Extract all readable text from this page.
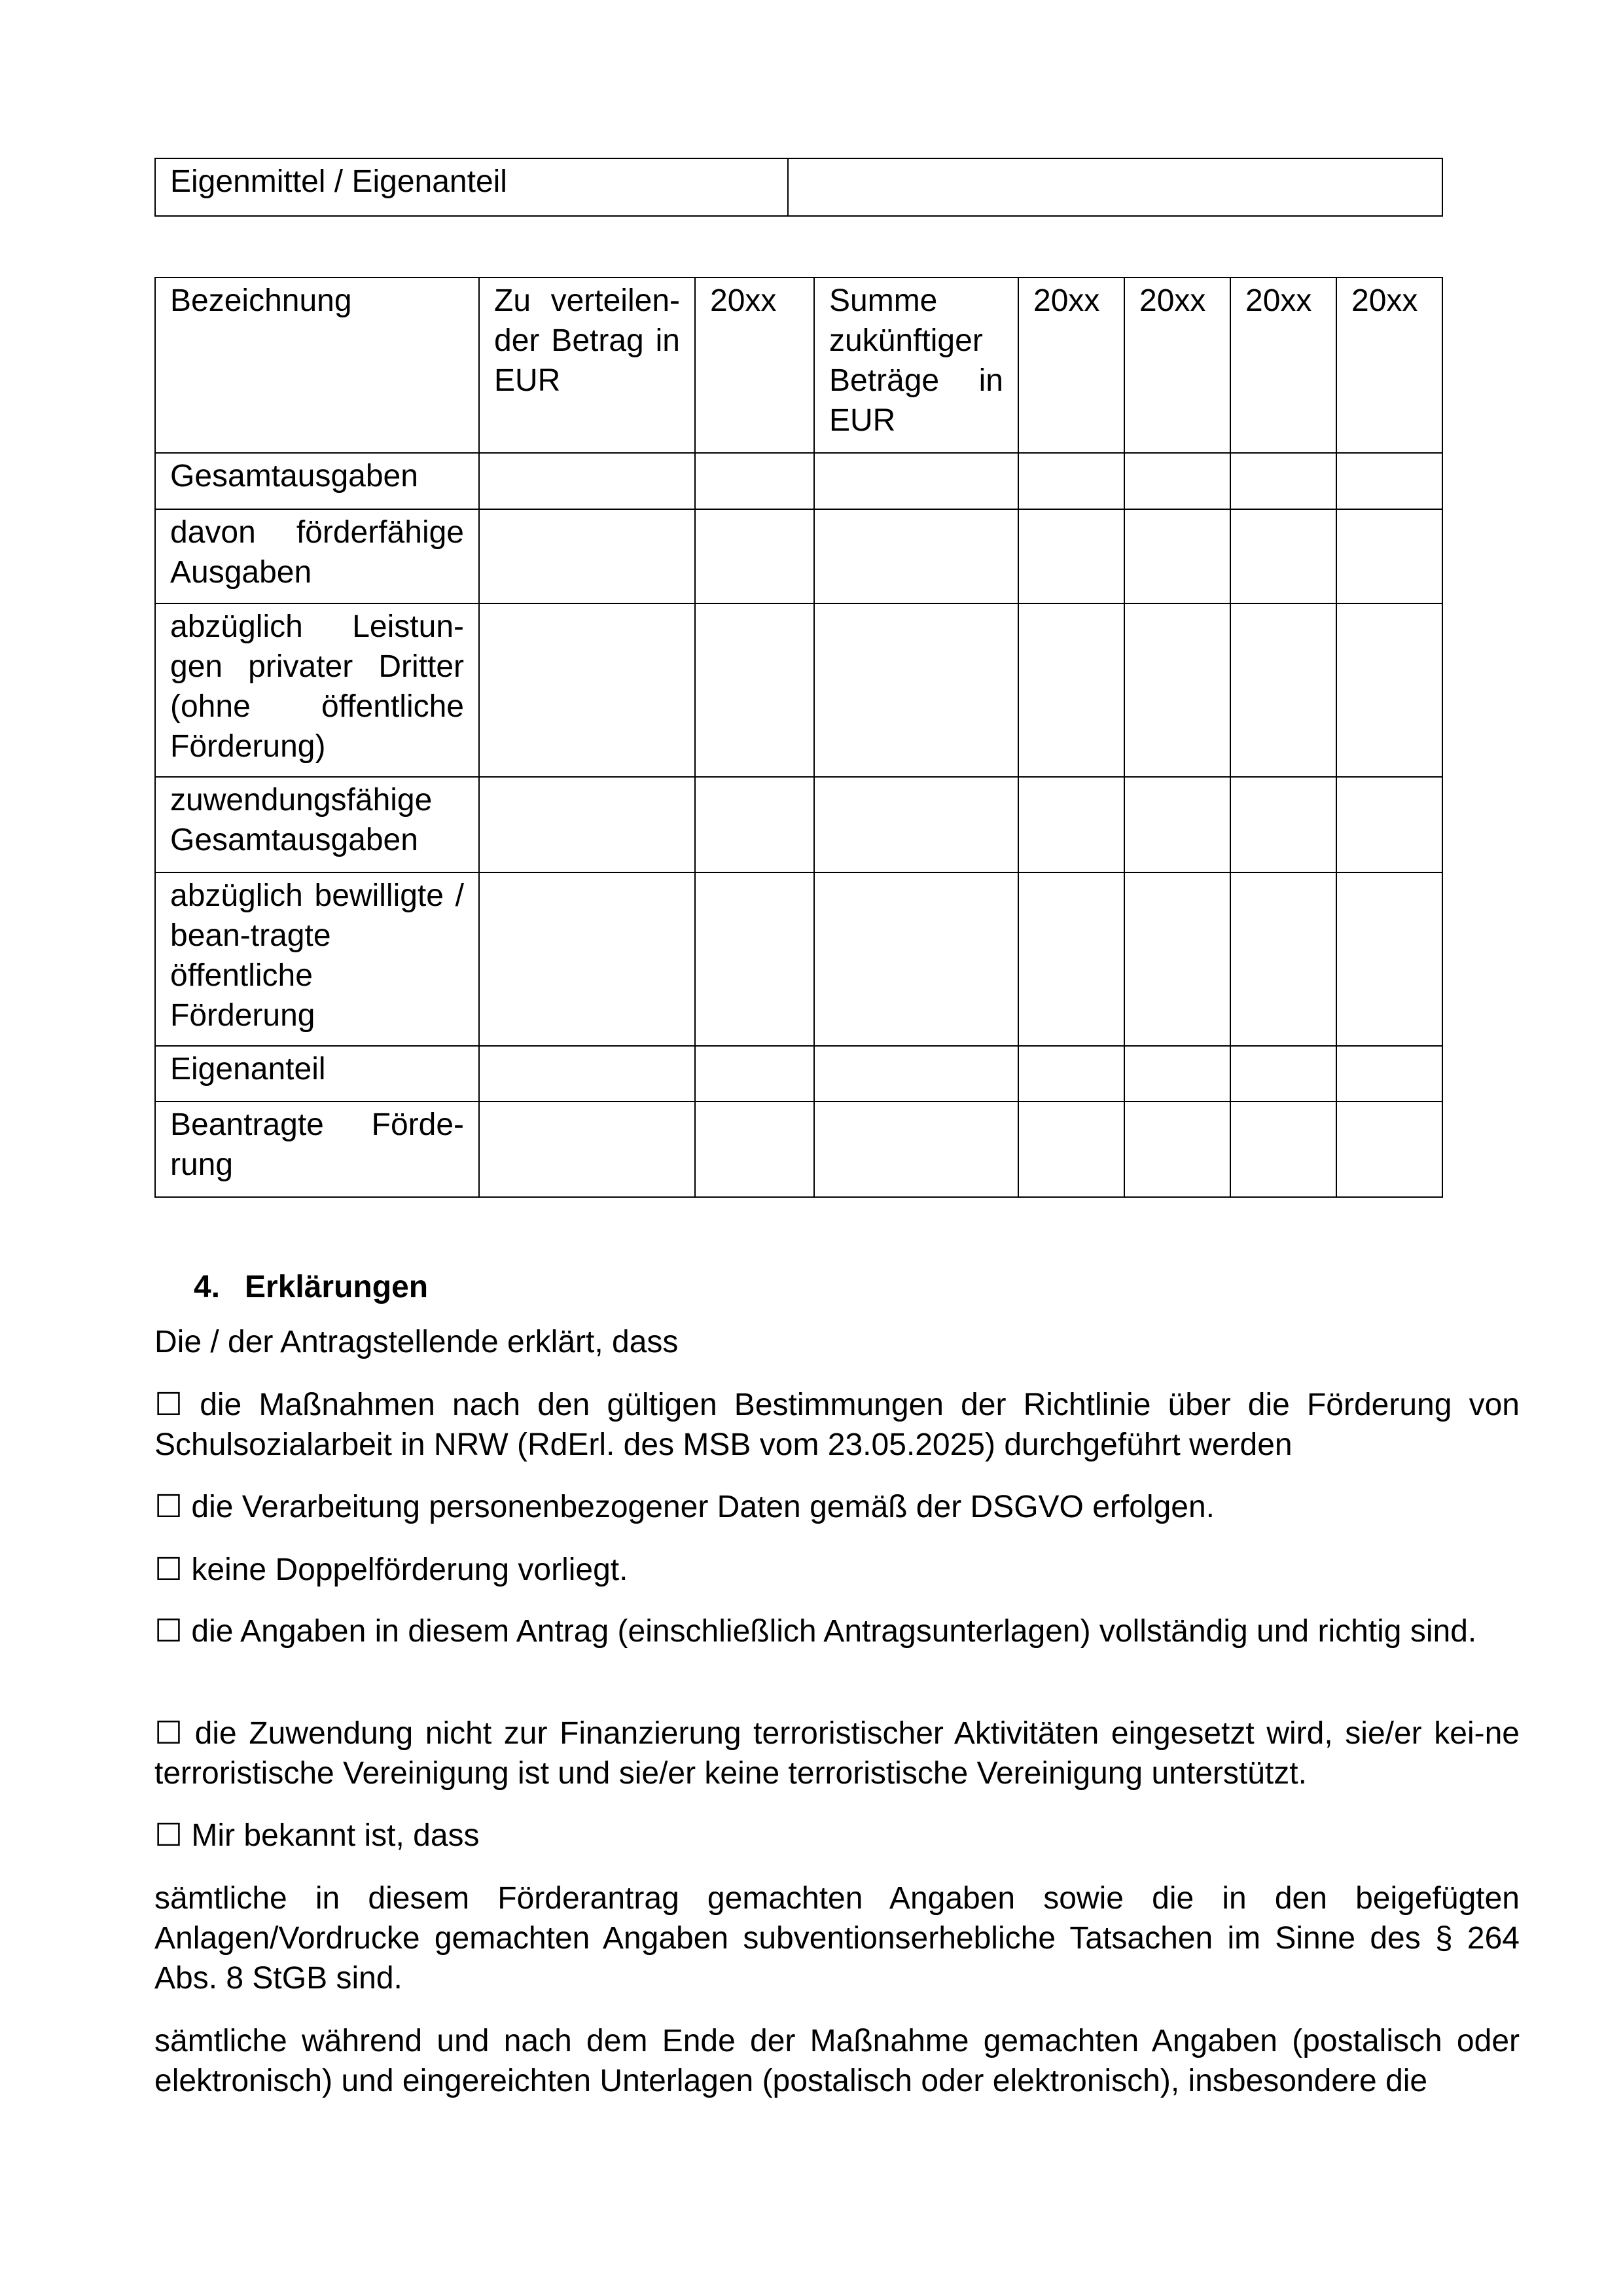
Eigenmittel / Eigenanteil	
Bezeichnung	Zu verteilen-der Betrag in EUR	20xx	Summe zukünftiger Beträge in EUR	20xx	20xx	20xx	20xx
Gesamtausgaben							
davon förderfähige Ausgaben							
abzüglich Leistun-gen privater Dritter (ohne öffentliche Förderung)							
zuwendungsfähige Gesamtausgaben							
abzüglich bewilligte / bean-tragte öffentliche Förderung							
Eigenanteil							
Beantragte Förde-rung							
4. Erklärungen

Die / der Antragstellende erklärt, dass

☐ die Maßnahmen nach den gültigen Bestimmungen der Richtlinie über die Förderung von Schulsozialarbeit in NRW (RdErl. des MSB vom 23.05.2025) durchgeführt werden

☐ die Verarbeitung personenbezogener Daten gemäß der DSGVO erfolgen.

☐ keine Doppelförderung vorliegt.

☐ die Angaben in diesem Antrag (einschließlich Antragsunterlagen) vollständig und richtig sind.

☐ die Zuwendung nicht zur Finanzierung terroristischer Aktivitäten eingesetzt wird, sie/er kei-ne terroristische Vereinigung ist und sie/er keine terroristische Vereinigung unterstützt.

☐ Mir bekannt ist, dass

sämtliche in diesem Förderantrag gemachten Angaben sowie die in den beigefügten Anlagen/Vordrucke gemachten Angaben subventionserhebliche Tatsachen im Sinne des § 264 Abs. 8 StGB sind.

sämtliche während und nach dem Ende der Maßnahme gemachten Angaben (postalisch oder elektronisch) und eingereichten Unterlagen (postalisch oder elektronisch), insbesondere die
